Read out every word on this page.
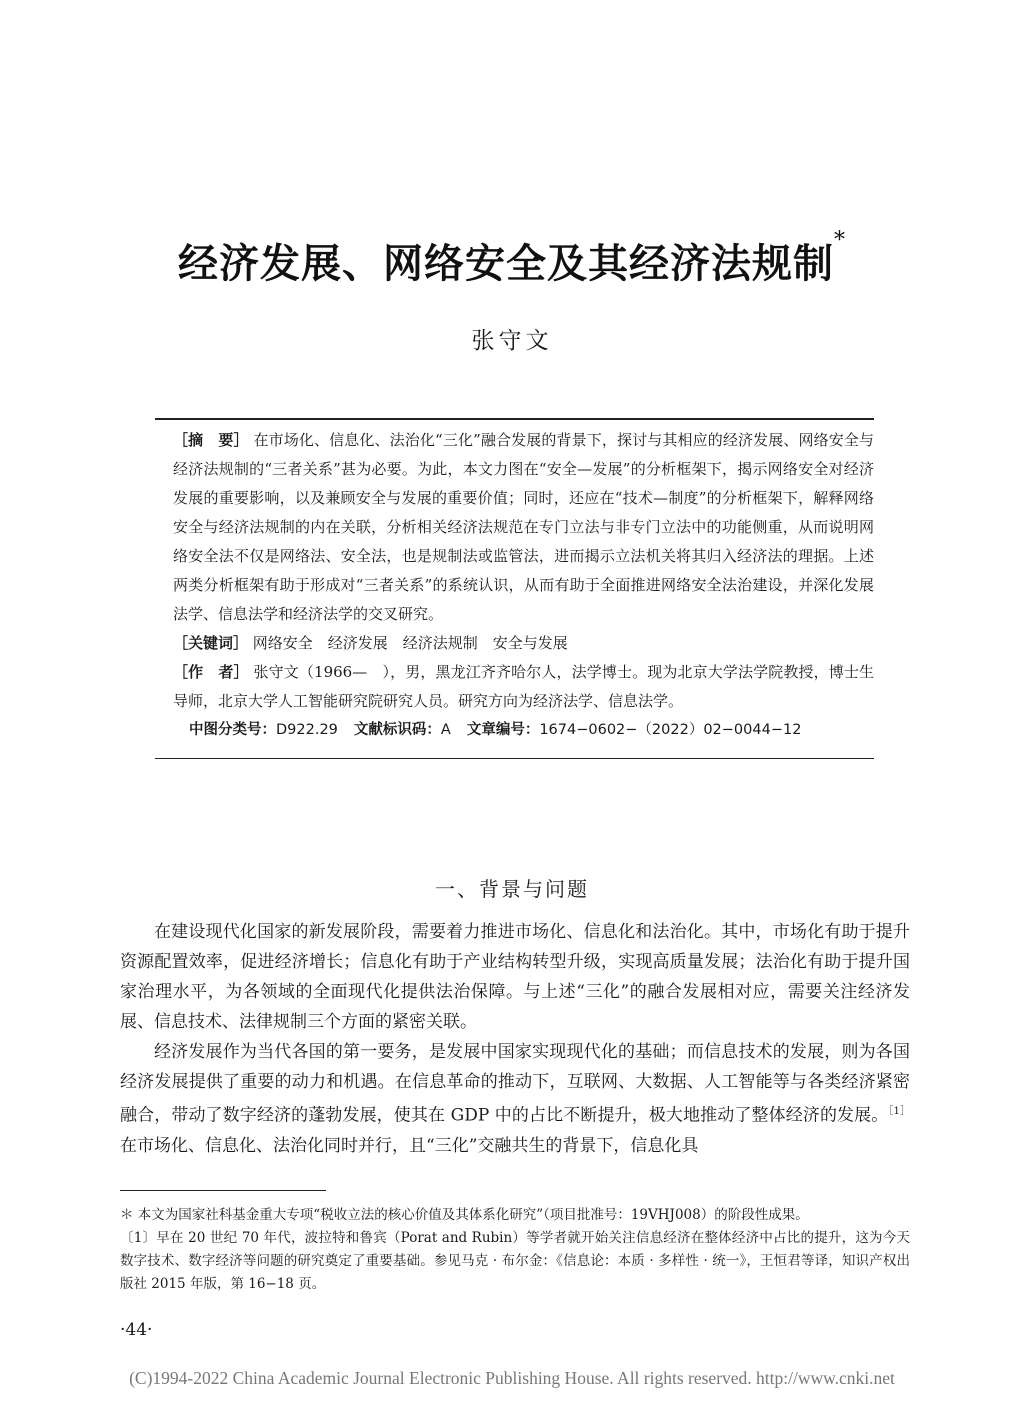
经济发展、网络安全及其经济法规制*
张守文

［摘　要］ 在市场化、信息化、法治化“三化”融合发展的背景下，探讨与其相应的经济发展、网络安全与经济法规制的“三者关系”甚为必要。为此，本文力图在“安全—发展”的分析框架下，揭示网络安全对经济发展的重要影响，以及兼顾安全与发展的重要价值；同时，还应在“技术—制度”的分析框架下，解释网络安全与经济法规制的内在关联，分析相关经济法规范在专门立法与非专门立法中的功能侧重，从而说明网络安全法不仅是网络法、安全法，也是规制法或监管法，进而揭示立法机关将其归入经济法的理据。上述两类分析框架有助于形成对“三者关系”的系统认识，从而有助于全面推进网络安全法治建设，并深化发展法学、信息法学和经济法学的交叉研究。

［关键词］ 网络安全　经济发展　经济法规制　安全与发展

［作　者］ 张守文（1966—　），男，黑龙江齐齐哈尔人，法学博士。现为北京大学法学院教授，博士生导师，北京大学人工智能研究院研究人员。研究方向为经济法学、信息法学。

中图分类号：D922.29 文献标识码：A 文章编号：1674−0602−（2022）02−0044−12

一、背景与问题

在建设现代化国家的新发展阶段，需要着力推进市场化、信息化和法治化。其中，市场化有助于提升资源配置效率，促进经济增长；信息化有助于产业结构转型升级，实现高质量发展；法治化有助于提升国家治理水平，为各领域的全面现代化提供法治保障。与上述“三化”的融合发展相对应，需要关注经济发展、信息技术、法律规制三个方面的紧密关联。

经济发展作为当代各国的第一要务，是发展中国家实现现代化的基础；而信息技术的发展，则为各国经济发展提供了重要的动力和机遇。在信息革命的推动下，互联网、大数据、人工智能等与各类经济紧密融合，带动了数字经济的蓬勃发展，使其在 GDP 中的占比不断提升，极大地推动了整体经济的发展。$^{[1]}$在市场化、信息化、法治化同时并行，且“三化”交融共生的背景下，信息化具

＊ 本文为国家社科基金重大专项“税收立法的核心价值及其体系化研究”（项目批准号：19VHJ008）的阶段性成果。

〔1〕早在 20 世纪 70 年代，波拉特和鲁宾（Porat and Rubin）等学者就开始关注信息经济在整体经济中占比的提升，这为今天数字技术、数字经济等问题的研究奠定了重要基础。参见马克 · 布尔金：《信息论：本质 · 多样性 · 统一》，王恒君等译，知识产权出版社 2015 年版，第 16−18 页。

·44·
(C)1994-2022 China Academic Journal Electronic Publishing House. All rights reserved. http://www.cnki.net
